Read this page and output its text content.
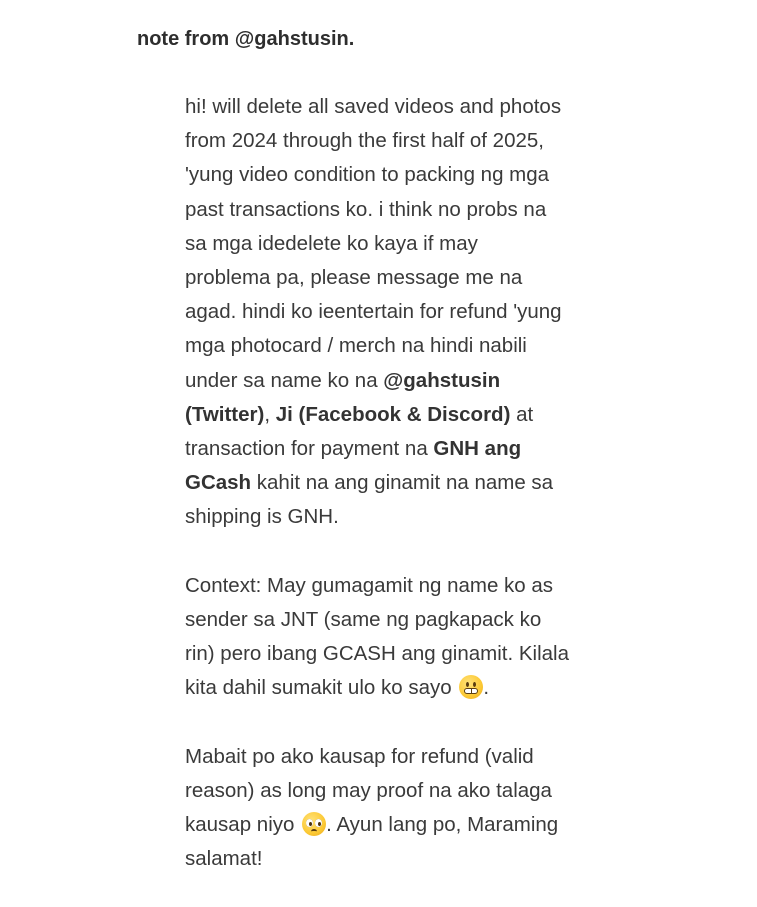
note from @gahstusin.
hi! will delete all saved videos and photos
from 2024 through the first half of 2025,
'yung video condition to packing ng mga
past transactions ko. i think no probs na
sa mga idedelete ko kaya if may
problema pa, please message me na
agad. hindi ko ieentertain for refund 'yung
mga photocard / merch na hindi nabili
under sa name ko na @gahstusin
(Twitter), Ji (Facebook & Discord) at
transaction for payment na GNH ang
GCash kahit na ang ginamit na name sa
shipping is GNH.
Context: May gumagamit ng name ko as
sender sa JNT (same ng pagkapack ko
rin) pero ibang GCASH ang ginamit. Kilala
kita dahil sumakit ulo ko sayo
.
Mabait po ako kausap for refund (valid
reason) as long may proof na ako talaga
kausap niyo
. Ayun lang po, Maraming
salamat!
